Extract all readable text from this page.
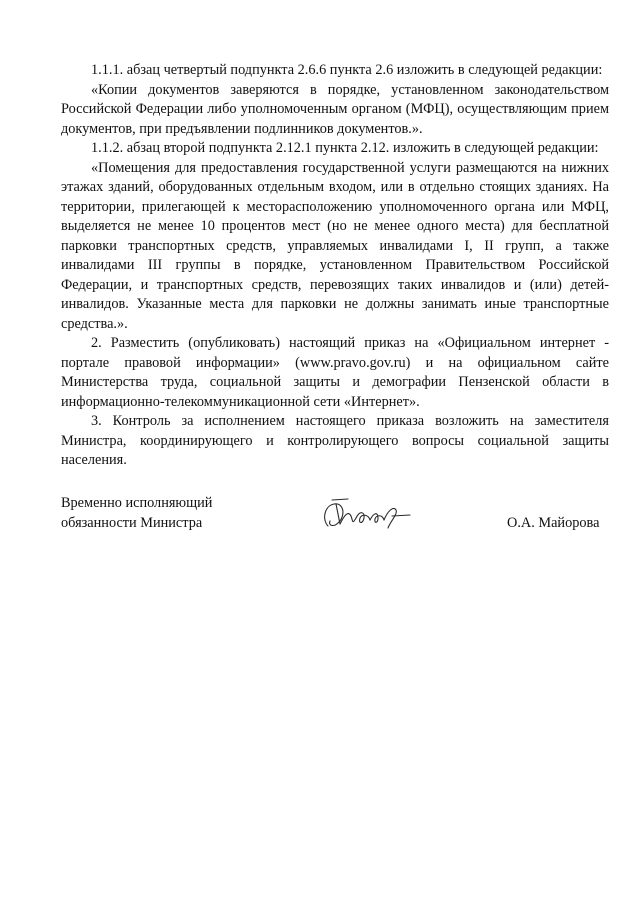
1.1.1. абзац четвертый подпункта 2.6.6 пункта 2.6 изложить в следующей редакции:

«Копии документов заверяются в порядке, установленном законодательством Российской Федерации либо уполномоченным органом (МФЦ), осуществляющим прием документов, при предъявлении подлинников документов.».

1.1.2. абзац второй подпункта 2.12.1 пункта 2.12. изложить в следующей редакции:

«Помещения для предоставления государственной услуги размещаются на нижних этажах зданий, оборудованных отдельным входом, или в отдельно стоящих зданиях. На территории, прилегающей к месторасположению уполномоченного органа или МФЦ, выделяется не менее 10 процентов мест (но не менее одного места) для бесплатной парковки транспортных средств, управляемых инвалидами I, II групп, а также инвалидами III группы в порядке, установленном Правительством Российской Федерации, и транспортных средств, перевозящих таких инвалидов и (или) детей-инвалидов. Указанные места для парковки не должны занимать иные транспортные средства.».

2. Разместить (опубликовать) настоящий приказ на «Официальном интернет - портале правовой информации» (www.pravo.gov.ru) и на официальном сайте Министерства труда, социальной защиты и демографии Пензенской области в информационно-телекоммуникационной сети «Интернет».

3. Контроль за исполнением настоящего приказа возложить на заместителя Министра, координирующего и контролирующего вопросы социальной защиты населения.

Временно исполняющий
обязанности Министра	О.А. Майорова
